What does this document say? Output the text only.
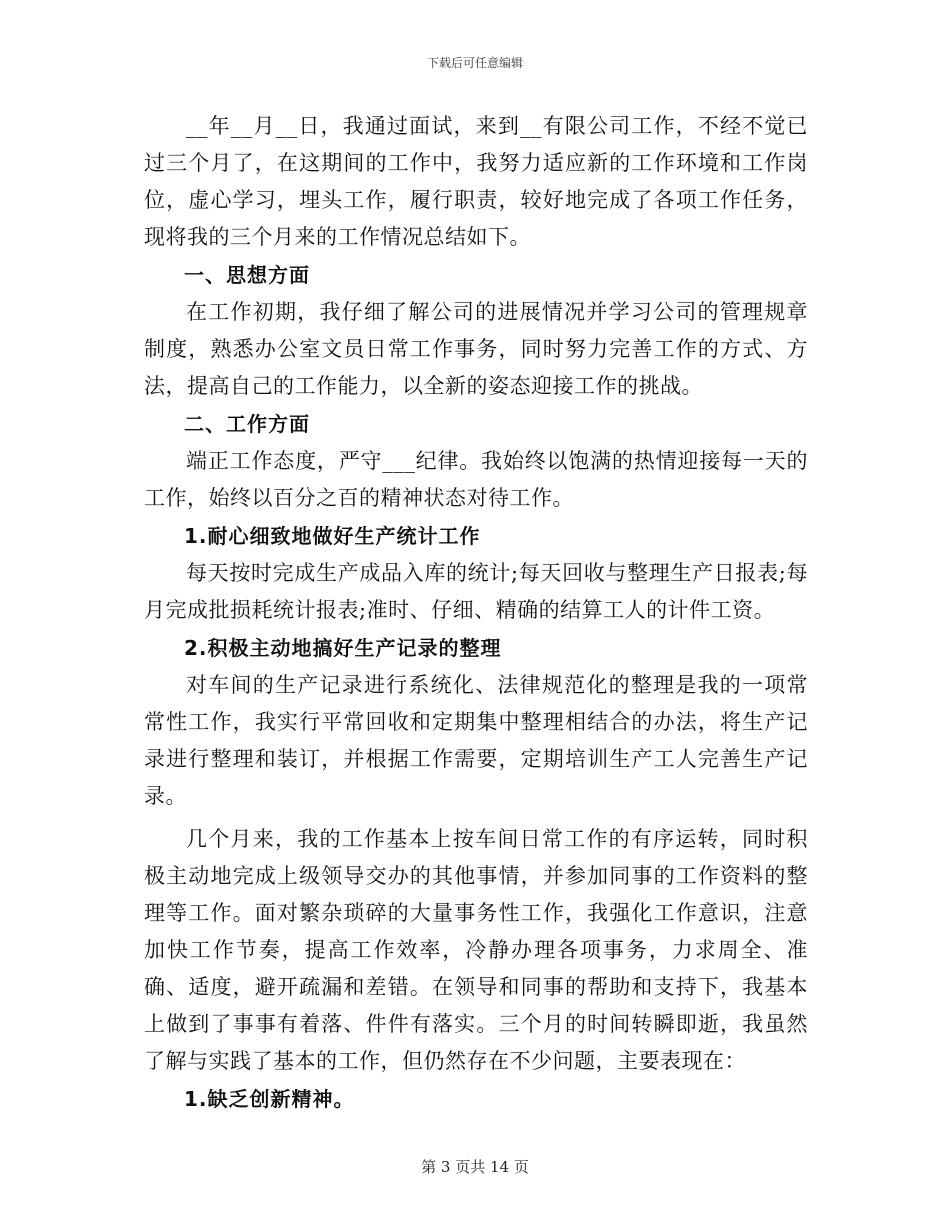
下载后可任意编辑

__年__月__日，我通过面试，来到__有限公司工作，不经不觉已过三个月了，在这期间的工作中，我努力适应新的工作环境和工作岗位，虚心学习，埋头工作，履行职责，较好地完成了各项工作任务，现将我的三个月来的工作情况总结如下。

一、思想方面

在工作初期，我仔细了解公司的进展情况并学习公司的管理规章制度，熟悉办公室文员日常工作事务，同时努力完善工作的方式、方法，提高自己的工作能力，以全新的姿态迎接工作的挑战。

二、工作方面

端正工作态度，严守___纪律。我始终以饱满的热情迎接每一天的工作，始终以百分之百的精神状态对待工作。

1.耐心细致地做好生产统计工作

每天按时完成生产成品入库的统计;每天回收与整理生产日报表;每月完成批损耗统计报表;准时、仔细、精确的结算工人的计件工资。

2.积极主动地搞好生产记录的整理

对车间的生产记录进行系统化、法律规范化的整理是我的一项常常性工作，我实行平常回收和定期集中整理相结合的办法，将生产记录进行整理和装订，并根据工作需要，定期培训生产工人完善生产记录。

几个月来，我的工作基本上按车间日常工作的有序运转，同时积极主动地完成上级领导交办的其他事情，并参加同事的工作资料的整理等工作。面对繁杂琐碎的大量事务性工作，我强化工作意识，注意加快工作节奏，提高工作效率，冷静办理各项事务，力求周全、准确、适度，避开疏漏和差错。在领导和同事的帮助和支持下，我基本上做到了事事有着落、件件有落实。三个月的时间转瞬即逝，我虽然了解与实践了基本的工作，但仍然存在不少问题，主要表现在：

1.缺乏创新精神。
第 3 页共 14 页
